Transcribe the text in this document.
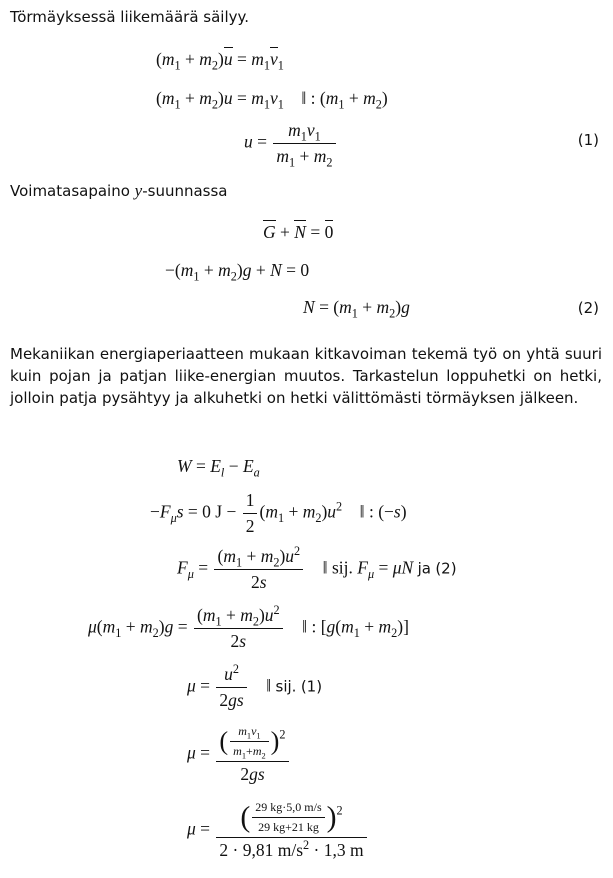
Törmäyksessä liikemäärä säilyy.
$(m_1 + m_2)u = m_1v_1$
$(m_1 + m_2)u = m_1v_1$    ‖ : $(m_1 + m_2)$
$u = \frac{m_1v_1}{m_1 + m_2}$	(1)
Voimatasapaino y-suunnassa
G + N = 0
$-(m_1 + m_2)g + N = 0$
$N = (m_1 + m_2)g$	(2)
Mekaniikan energiaperiaatteen mukaan kitkavoiman tekemä työ on yhtä suuri kuin pojan ja patjan liike-energian muutos. Tarkastelun loppuhetki on hetki, jolloin patja pysähtyy ja alkuhetki on hetki välittömästi törmäyksen jälkeen.
$W = E_l - E_a$
$-F_\mu s = 0$ $J - \frac{1}{2} (m_1 + m_2)u^2$    ‖ : (−s)
$F_\mu = \frac{(m_1 + m_2)u^2}{2s}$ ‖ sij. $F_\mu = \mu N$ ja (2)
$\mu(m_1 + m_2)g = \frac{(m_1 + m_2)u^2}{2s}$ ‖ : $[g(m_1 + m_2)]$
$\mu = \frac{u^2}{2gs}$ ‖ sij. (1)
$\mu = \frac{( \frac{m_1v_1}{m_1+m_2} )^2}{2gs}$
$\mu = \frac{( \frac{29 kg\cdot 5,0 m/s}{29 kg+21 kg} )^2}{2 \cdot 9,81 m/s^2 \cdot 1,3 m}$
